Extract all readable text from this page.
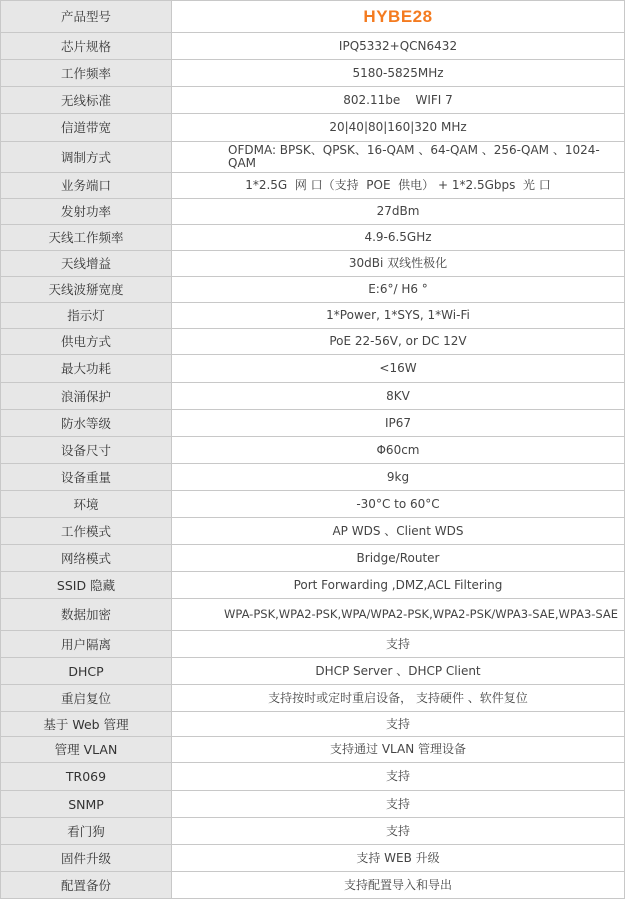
产品型号	HYBE28
芯片规格	IPQ5332+QCN6432
工作频率	5180-5825MHz
无线标准	802.11be    WIFI 7
信道带宽	20|40|80|160|320 MHz
调制方式	OFDMA: BPSK、QPSK、16-QAM 、64-QAM 、256-QAM 、1024-QAM
业务端口	1*2.5G  网 口（支持  POE  供电） + 1*2.5Gbps  光 口
发射功率	27dBm
天线工作频率	4.9-6.5GHz
天线增益	30dBi 双线性极化
天线波掰宽度	E:6°/ H6 °
指示灯	1*Power, 1*SYS, 1*Wi-Fi
供电方式	PoE 22-56V, or DC 12V
最大功耗	<16W
浪涌保护	8KV
防水等级	IP67
设备尺寸	Φ60cm
设备重量	9kg
环境	-30°C to 60°C
工作模式	AP WDS 、Client WDS
网络模式	Bridge/Router
SSID 隐藏	Port Forwarding ,DMZ,ACL Filtering
数据加密	WPA-PSK,WPA2-PSK,WPA/WPA2-PSK,WPA2-PSK/WPA3-SAE,WPA3-SAE
用户隔离	支持
DHCP	DHCP Server 、DHCP Client
重启复位	支持按时或定时重启设备， 支持硬件 、软件复位
基于 Web 管理	支持
管理 VLAN	支持通过 VLAN 管理设备
TR069	支持
SNMP	支持
看门狗	支持
固件升级	支持 WEB 升级
配置备份	支持配置导入和导出
